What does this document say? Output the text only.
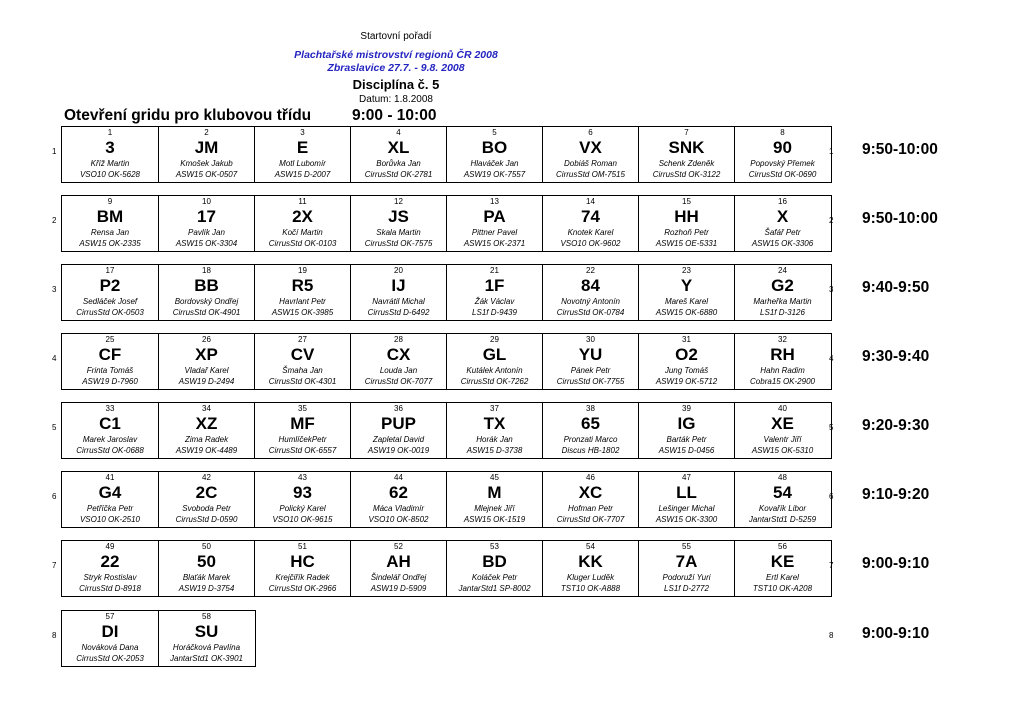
Startovní pořadí
Plachtařské mistrovství regionů ČR 2008
Zbraslavice 27.7. - 9.8. 2008
Disciplína č. 5
Datum: 1.8.2008
Otevření gridu pro klubovou třídu	9:00 - 10:00
1
1
3
Kříž Martin
VSO10 OK-5628
2
JM
Kmošek Jakub
ASW15 OK-0507
3
E
Motl Lubomír
ASW15 D-2007
4
XL
Borůvka Jan
CirrusStd OK-2781
5
BO
Hlaváček Jan
ASW19 OK-7557
6
VX
Dobiáš Roman
CirrusStd OM-7515
7
SNK
Schenk Zdeněk
CirrusStd OK-3122
8
90
Popovský Přemek
CirrusStd OK-0690
1 9:50-10:00
2
9
BM
Rensa Jan
ASW15 OK-2335
10
17
Pavlík Jan
ASW15 OK-3304
11
2X
Kočí Martin
CirrusStd OK-0103
12
JS
Skala Martin
CirrusStd OK-7575
13
PA
Pittner Pavel
ASW15 OK-2371
14
74
Knotek Karel
VSO10 OK-9602
15
HH
Rozhoň Petr
ASW15 OE-5331
16
X
Šafář Petr
ASW15 OK-3306
2 9:50-10:00
3
17
P2
Sedláček Josef
CirrusStd OK-0503
18
BB
Bordovský Ondřej
CirrusStd OK-4901
19
R5
Havrlant Petr
ASW15 OK-3985
20
IJ
Navrátil Michal
CirrusStd D-6492
21
1F
Žák Václav
LS1f D-9439
22
84
Novotný Antonín
CirrusStd OK-0784
23
Y
Mareš Karel
ASW15 OK-6880
24
G2
Marheřka Martin
LS1f D-3126
3 9:40-9:50
4
25
CF
Frinta Tomáš
ASW19 D-7960
26
XP
Vladař Karel
ASW19 D-2494
27
CV
Šmaha Jan
CirrusStd OK-4301
28
CX
Louda Jan
CirrusStd OK-7077
29
GL
Kutálek Antonín
CirrusStd OK-7262
30
YU
Pánek Petr
CirrusStd OK-7755
31
O2
Jung Tomáš
ASW19 OK-5712
32
RH
Hahn Radim
Cobra15 OK-2900
4 9:30-9:40
5
33
C1
Marek Jaroslav
CirrusStd OK-0688
34
XZ
Zima Radek
ASW19 OK-4489
35
MF
HumlíčekPetr
CirrusStd OK-6557
36
PUP
Zapletal David
ASW19 OK-0019
37
TX
Horák Jan
ASW15 D-3738
38
65
Pronzati Marco
Discus HB-1802
39
IG
Barták Petr
ASW15 D-0456
40
XE
Valentr Jiří
ASW15 OK-5310
5 9:20-9:30
6
41
G4
Petříčka Petr
VSO10 OK-2510
42
2C
Svoboda Petr
CirrusStd D-0590
43
93
Polický Karel
VSO10 OK-9615
44
62
Máca Vladimír
VSO10 OK-8502
45
M
Mlejnek Jiří
ASW15 OK-1519
46
XC
Hofman Petr
CirrusStd OK-7707
47
LL
Lešinger Michal
ASW15 OK-3300
48
54
Kovařík Libor
JantarStd1 D-5259
6 9:10-9:20
7
49
22
Stryk Rostislav
CirrusStd D-8918
50
50
Blaťák Marek
ASW19 D-3754
51
HC
Krejčiřík Radek
CirrusStd OK-2966
52
AH
Šindelář Ondřej
ASW19 D-5909
53
BD
Koláček Petr
JantarStd1 SP-8002
54
KK
Kluger Luděk
TST10 OK-A888
55
7A
Podoruží Yuri
LS1f D-2772
56
KE
Ertl Karel
TST10 OK-A208
7 9:00-9:10
8
57
DI
Nováková Dana
CirrusStd OK-2053
58
SU
Horáčková Pavlína
JantarStd1 OK-3901
8 9:00-9:10
